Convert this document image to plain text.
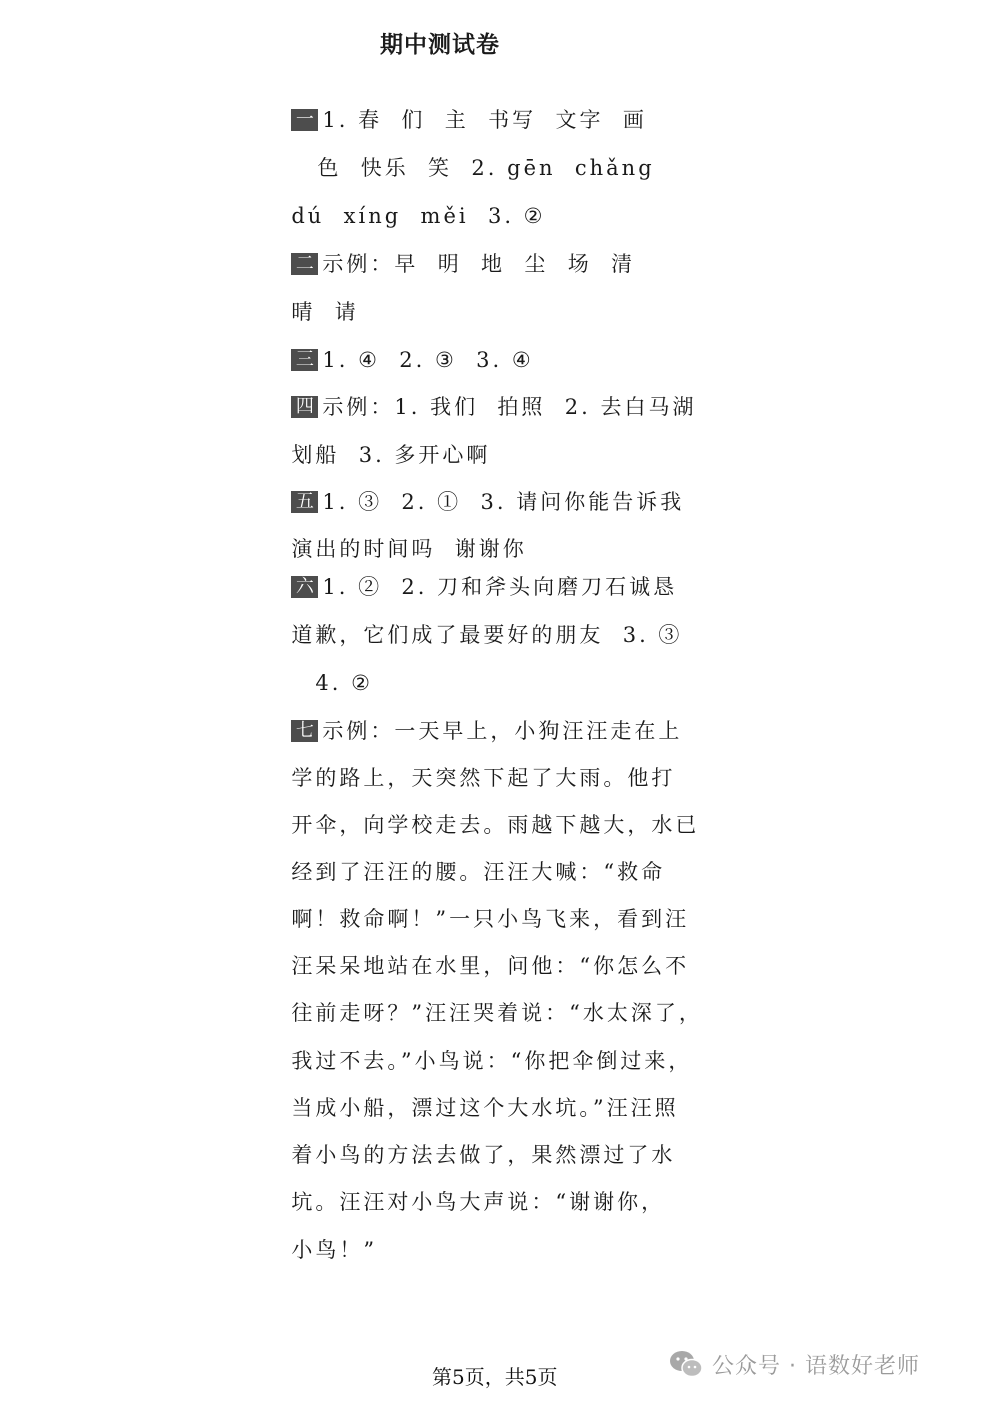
期中测试卷

一 1. 春  们  主  书写  文字  画

色  快乐  笑  2. gēn  chǎng

dú  xíng  měi  3. ②

二 示例：早  明  地  尘  场  清

晴  请

三 1. ④  2. ③  3. ④

四 示例：1. 我们  拍照  2. 去白马湖

划船  3. 多开心啊

五 1. ③  2. ①  3. 请问你能告诉我

演出的时间吗  谢谢你

六 1. ②  2. 刀和斧头向磨刀石诚恳

道歉，它们成了最要好的朋友  3. ③

4. ②

七 示例：一天早上，小狗汪汪走在上

学的路上，天突然下起了大雨。他打

开伞，向学校走去。雨越下越大，水已

经到了汪汪的腰。汪汪大喊：“救命

啊！救命啊！”一只小鸟飞来，看到汪

汪呆呆地站在水里，问他：“你怎么不

往前走呀？”汪汪哭着说：“水太深了，

我过不去。”小鸟说：“你把伞倒过来，

当成小船，漂过这个大水坑。”汪汪照

着小鸟的方法去做了，果然漂过了水

坑。汪汪对小鸟大声说：“谢谢你，

小鸟！”

第5页，共5页	公众号 · 语数好老师
